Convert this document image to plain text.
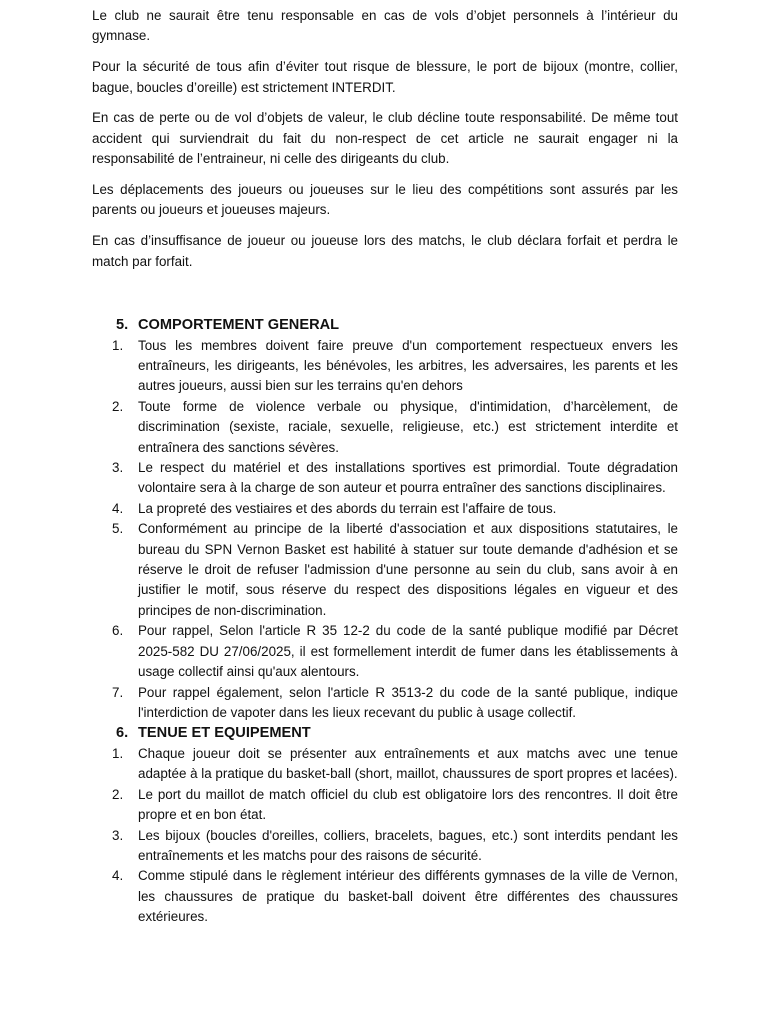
Le club ne saurait être tenu responsable en cas de vols d’objet personnels à l’intérieur du gymnase.

Pour la sécurité de tous afin d’éviter tout risque de blessure, le port de bijoux (montre, collier, bague, boucles d’oreille) est strictement INTERDIT.

En cas de perte ou de vol d’objets de valeur, le club décline toute responsabilité. De même tout accident qui surviendrait du fait du non-respect de cet article ne saurait engager ni la responsabilité de l’entraineur, ni celle des dirigeants du club.

Les déplacements des joueurs ou joueuses sur le lieu des compétitions sont assurés par les parents ou joueurs et joueuses majeurs.

En cas d’insuffisance de joueur ou joueuse lors des matchs, le club déclara forfait et perdra le match par forfait.

5. COMPORTEMENT GENERAL
1.	Tous les membres doivent faire preuve d'un comportement respectueux envers les entraîneurs, les dirigeants, les bénévoles, les arbitres, les adversaires, les parents et les autres joueurs, aussi bien sur les terrains qu'en dehors
2.	Toute forme de violence verbale ou physique, d'intimidation, d’harcèlement, de discrimination (sexiste, raciale, sexuelle, religieuse, etc.) est strictement interdite et entraînera des sanctions sévères.
3.	Le respect du matériel et des installations sportives est primordial. Toute dégradation volontaire sera à la charge de son auteur et pourra entraîner des sanctions disciplinaires.
4.	La propreté des vestiaires et des abords du terrain est l'affaire de tous.
5.	Conformément au principe de la liberté d'association et aux dispositions statutaires, le bureau du SPN Vernon Basket est habilité à statuer sur toute demande d'adhésion et se réserve le droit de refuser l'admission d'une personne au sein du club, sans avoir à en justifier le motif, sous réserve du respect des dispositions légales en vigueur et des principes de non-discrimination.
6.	Pour rappel, Selon l'article R 35 12-2 du code de la santé publique modifié par Décret 2025-582 DU 27/06/2025, il est formellement interdit de fumer dans les établissements à usage collectif ainsi qu'aux alentours.
7.	Pour rappel également, selon l'article R 3513-2 du code de la santé publique, indique l'interdiction de vapoter dans les lieux recevant du public à usage collectif.
6. TENUE ET EQUIPEMENT
1.	Chaque joueur doit se présenter aux entraînements et aux matchs avec une tenue adaptée à la pratique du basket-ball (short, maillot, chaussures de sport propres et lacées).
2.	Le port du maillot de match officiel du club est obligatoire lors des rencontres. Il doit être propre et en bon état.
3.	Les bijoux (boucles d'oreilles, colliers, bracelets, bagues, etc.) sont interdits pendant les entraînements et les matchs pour des raisons de sécurité.
4.	Comme stipulé dans le règlement intérieur des différents gymnases de la ville de Vernon, les chaussures de pratique du basket-ball doivent être différentes des chaussures extérieures.
